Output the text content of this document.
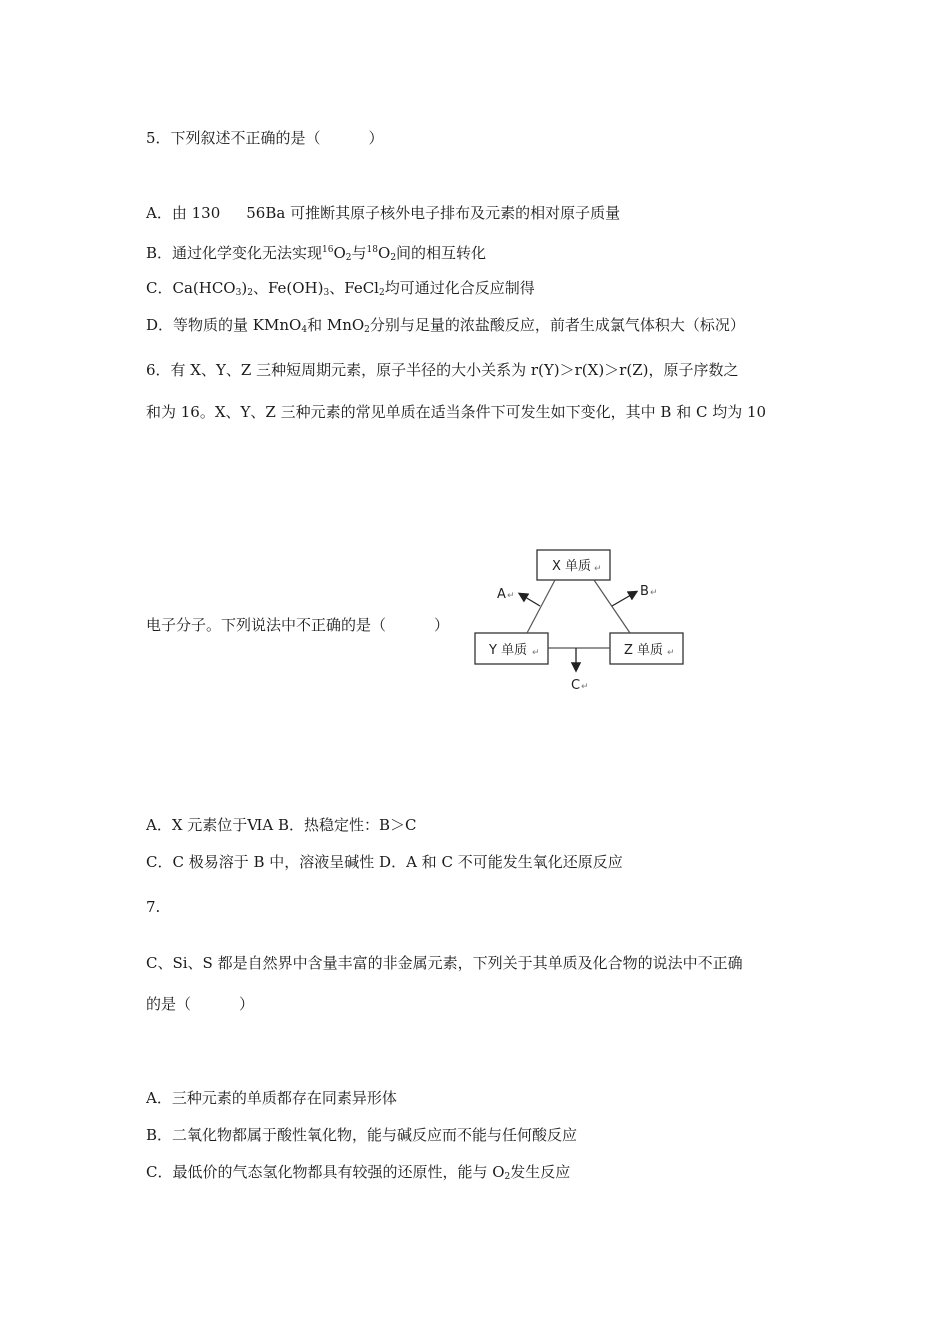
5．下列叙述不正确的是（	）
A．由 130 56Ba 可推断其原子核外电子排布及元素的相对原子质量
B．通过化学变化无法实现$^{16}O_2$与$^{18}O_2$间的相互转化
C．$Ca(HCO_3)_2$、$Fe(OH)_3$、FeCl$_2$均可通过化合反应制得
D．等物质的量 KMnO$_4$和 MnO$_2$分别与足量的浓盐酸反应，前者生成氯气体积大（标况）
6．有 X、Y、Z 三种短周期元素，原子半径的大小关系为 r(Y)＞r(X)＞r(Z)，原子序数之
和为 16。X、Y、Z 三种元素的常见单质在适当条件下可发生如下变化，其中 B 和 C 均为 10
电子分子。下列说法中不正确的是（	）
X 单质 ↵
Y 单质 ↵	Z 单质 ↵
A ↵	B ↵
C ↵
A．X 元素位于ⅥA B．热稳定性：B＞C
C．C 极易溶于 B 中，溶液呈碱性 D．A 和 C 不可能发生氧化还原反应
7.
C、Si、S 都是自然界中含量丰富的非金属元素，下列关于其单质及化合物的说法中不正确
的是（	）
A．三种元素的单质都存在同素异形体
B．二氧化物都属于酸性氧化物，能与碱反应而不能与任何酸反应
C．最低价的气态氢化物都具有较强的还原性，能与 $O_2$发生反应
